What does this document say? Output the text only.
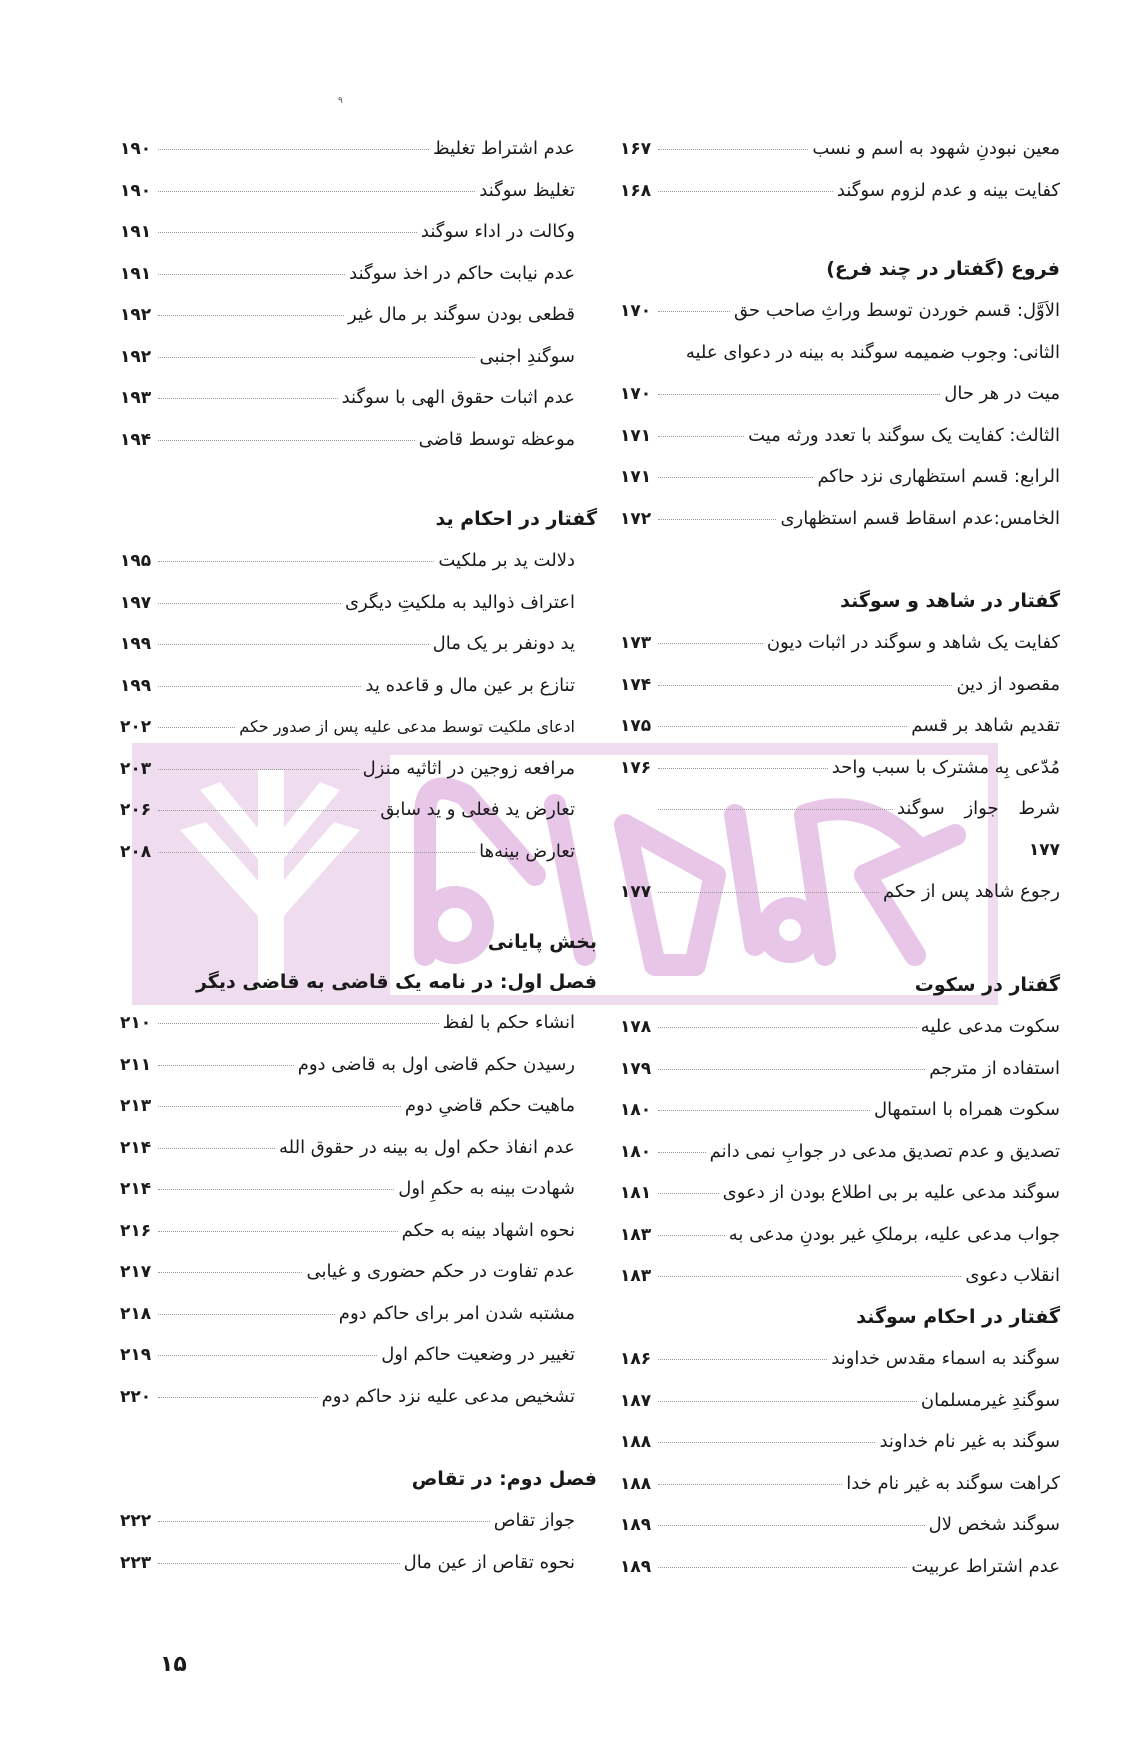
٩
معین نبودنِ شهود به اسم و نسب
۱۶۷
کفایت بینه و عدم لزوم سوگند
۱۶۸
فروع (گفتار در چند فرع)
الاَوَّل: قسم خوردن توسط وراثِ صاحب حق
۱۷۰
الثانی: وجوب ضمیمه سوگند به بینه در دعوای علیه
میت در هر حال
۱۷۰
الثالث: کفایت یک سوگند با تعدد ورثه میت
۱۷۱
الرابع: قسم استظهاری نزد حاکم
۱۷۱
الخامس:عدم اسقاط قسم استظهاری
۱۷۲
گفتار در شاهد و سوگند
کفایت یک شاهد و سوگند در اثبات دیون
۱۷۳
مقصود از دین
۱۷۴
تقدیم شاهد بر قسم
۱۷۵
مُدّعی بِه مشترک با سبب واحد
۱۷۶
شرط جواز سوگند
۱۷۷
رجوع شاهد پس از حکم
۱۷۷
گفتار در سکوت
سکوت مدعی علیه
۱۷۸
استفاده از مترجم
۱۷۹
سکوت همراه با استمهال
۱۸۰
تصدیق و عدم تصدیق مدعی در جوابِ نمی دانم
۱۸۰
سوگند مدعی علیه بر بی اطلاع بودن از دعوی
۱۸۱
جواب مدعی علیه، برملکِ غیر بودنِ مدعی به
۱۸۳
انقلاب دعوی
۱۸۳
گفتار در احکام سوگند
سوگند به اسماء مقدس خداوند
۱۸۶
سوگندِ غیرمسلمان
۱۸۷
سوگند به غیر نام خداوند
۱۸۸
کراهت سوگند به غیر نام خدا
۱۸۸
سوگند شخص لال
۱۸۹
عدم اشتراط عربیت
۱۸۹
عدم اشتراط تغلیظ
۱۹۰
تغلیظ سوگند
۱۹۰
وکالت در اداء سوگند
۱۹۱
عدم نیابت حاکم در اخذ سوگند
۱۹۱
قطعی بودن سوگند بر مال غیر
۱۹۲
سوگندِ اجنبی
۱۹۲
عدم اثبات حقوق الهی با سوگند
۱۹۳
موعظه توسط قاضی
۱۹۴
گفتار در احکام ید
دلالت ید بر ملکیت
۱۹۵
اعتراف ذوالید به ملکیتِ دیگری
۱۹۷
ید دونفر بر یک مال
۱۹۹
تنازع بر عین مال و قاعده ید
۱۹۹
ادعای ملکیت توسط مدعی علیه پس از صدور حکم
۲۰۲
مرافعه زوجین در اثاثیه منزل
۲۰۳
تعارض ید فعلی و ید سابق
۲۰۶
تعارض بینه‌ها
۲۰۸
بخش پایانی
فصل اول: در نامه یک قاضی به قاضی دیگر
انشاء حکم با لفظ
۲۱۰
رسیدن حکم قاضی اول به قاضی دوم
۲۱۱
ماهیت حکم قاضیِ دوم
۲۱۳
عدم انفاذ حکم اول به بینه در حقوق الله
۲۱۴
شهادت بینه به حکمِ اول
۲۱۴
نحوه اشهاد بینه به حکم
۲۱۶
عدم تفاوت در حکم حضوری و غیابی
۲۱۷
مشتبه شدن امر برای حاکم دوم
۲۱۸
تغییر در وضعیت حاکم اول
۲۱۹
تشخیص مدعی علیه نزد حاکم دوم
۲۲۰
فصل دوم: در تقاص
جواز تقاص
۲۲۲
نحوه تقاص از عین مال
۲۲۳
۱۵
